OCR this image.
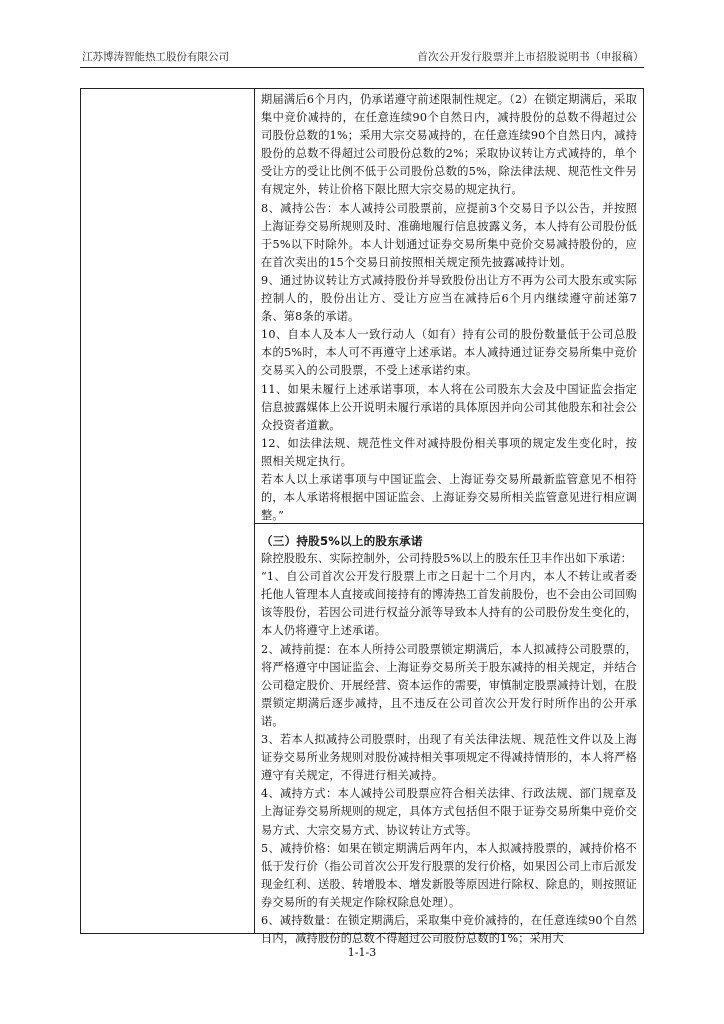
江苏博涛智能热工股份有限公司	首次公开发行股票并上市招股说明书（申报稿）

期届满后6个月内，仍承诺遵守前述限制性规定。（2）在锁定期满后，采取集中竞价减持的，在任意连续90个自然日内，减持股份的总数不得超过公司股份总数的1%；采用大宗交易减持的，在任意连续90个自然日内，减持股份的总数不得超过公司股份总数的2%；采取协议转让方式减持的，单个受让方的受让比例不低于公司股份总数的5%，除法律法规、规范性文件另有规定外，转让价格下限比照大宗交易的规定执行。

8、减持公告：本人减持公司股票前，应提前3个交易日予以公告，并按照上海证券交易所规则及时、准确地履行信息披露义务，本人持有公司股份低于5%以下时除外。本人计划通过证券交易所集中竞价交易减持股份的，应在首次卖出的15个交易日前按照相关规定预先披露减持计划。

9、通过协议转让方式减持股份并导致股份出让方不再为公司大股东或实际控制人的，股份出让方、受让方应当在减持后6个月内继续遵守前述第7条、第8条的承诺。

10、自本人及本人一致行动人（如有）持有公司的股份数量低于公司总股本的5%时，本人可不再遵守上述承诺。本人减持通过证券交易所集中竞价交易买入的公司股票，不受上述承诺约束。

11、如果未履行上述承诺事项，本人将在公司股东大会及中国证监会指定信息披露媒体上公开说明未履行承诺的具体原因并向公司其他股东和社会公众投资者道歉。

12、如法律法规、规范性文件对减持股份相关事项的规定发生变化时，按照相关规定执行。

若本人以上承诺事项与中国证监会、上海证券交易所最新监管意见不相符的，本人承诺将根据中国证监会、上海证券交易所相关监管意见进行相应调整。”

（三）持股5%以上的股东承诺

除控股股东、实际控制外，公司持股5%以上的股东任卫丰作出如下承诺：

“1、自公司首次公开发行股票上市之日起十二个月内，本人不转让或者委托他人管理本人直接或间接持有的博涛热工首发前股份，也不会由公司回购该等股份，若因公司进行权益分派等导致本人持有的公司股份发生变化的，本人仍将遵守上述承诺。

2、减持前提：在本人所持公司股票锁定期满后，本人拟减持公司股票的，将严格遵守中国证监会、上海证券交易所关于股东减持的相关规定，并结合公司稳定股价、开展经营、资本运作的需要，审慎制定股票减持计划，在股票锁定期满后逐步减持，且不违反在公司首次公开发行时所作出的公开承诺。

3、若本人拟减持公司股票时，出现了有关法律法规、规范性文件以及上海证券交易所业务规则对股份减持相关事项规定不得减持情形的，本人将严格遵守有关规定，不得进行相关减持。

4、减持方式：本人减持公司股票应符合相关法律、行政法规、部门规章及上海证券交易所规则的规定，具体方式包括但不限于证券交易所集中竞价交易方式、大宗交易方式、协议转让方式等。

5、减持价格：如果在锁定期满后两年内，本人拟减持股票的，减持价格不低于发行价（指公司首次公开发行股票的发行价格，如果因公司上市后派发现金红利、送股、转增股本、增发新股等原因进行除权、除息的，则按照证券交易所的有关规定作除权除息处理）。

6、减持数量：在锁定期满后，采取集中竞价减持的，在任意连续90个自然日内，减持股份的总数不得超过公司股份总数的1%；采用大

1-1-3
